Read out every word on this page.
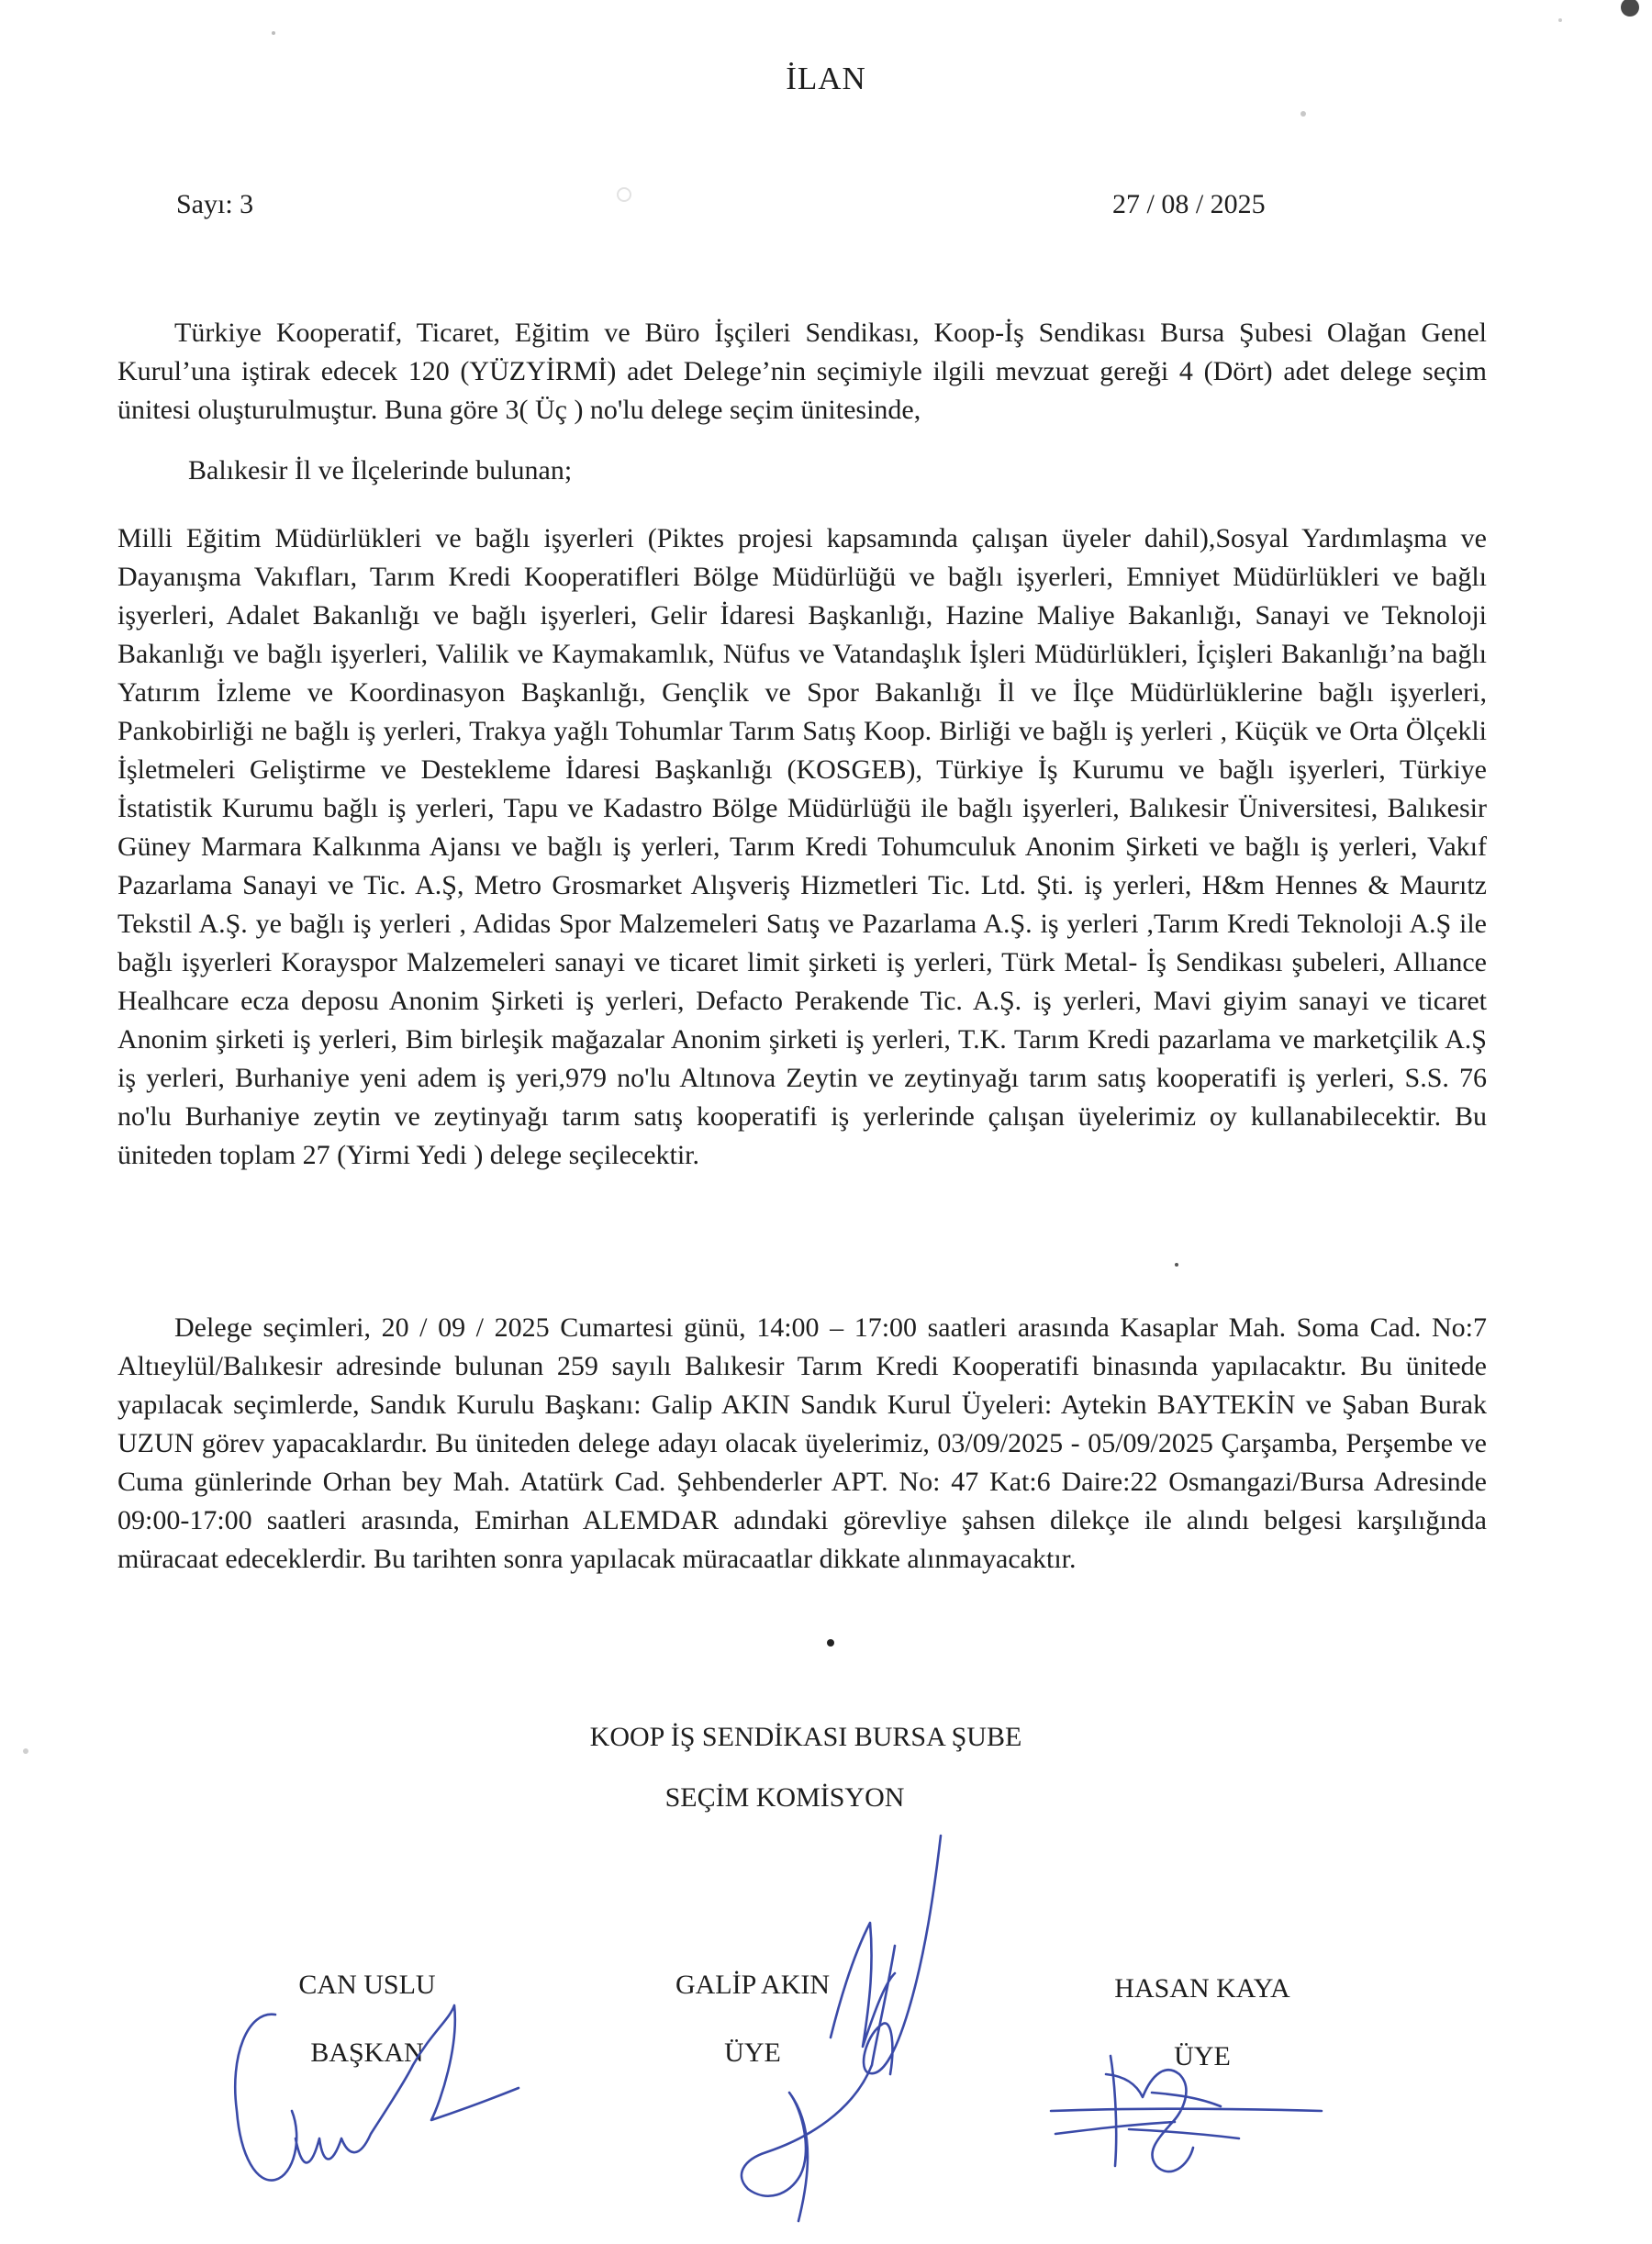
İLAN
Sayı: 3	27 / 08 / 2025
Türkiye Kooperatif, Ticaret, Eğitim ve Büro İşçileri Sendikası, Koop-İş Sendikası Bursa Şubesi Olağan Genel Kurul’una iştirak edecek 120 (YÜZYİRMİ) adet Delege’nin seçimiyle ilgili mevzuat gereği 4 (Dört) adet delege seçim ünitesi oluşturulmuştur. Buna göre 3( Üç ) no'lu delege seçim ünitesinde,
Balıkesir İl ve İlçelerinde bulunan;
Milli Eğitim Müdürlükleri ve bağlı işyerleri (Piktes projesi kapsamında çalışan üyeler dahil),Sosyal Yardımlaşma ve Dayanışma Vakıfları, Tarım Kredi Kooperatifleri Bölge Müdürlüğü ve bağlı işyerleri, Emniyet Müdürlükleri ve bağlı işyerleri, Adalet Bakanlığı ve bağlı işyerleri, Gelir İdaresi Başkanlığı, Hazine Maliye Bakanlığı, Sanayi ve Teknoloji Bakanlığı ve bağlı işyerleri, Valilik ve Kaymakamlık, Nüfus ve Vatandaşlık İşleri Müdürlükleri, İçişleri Bakanlığı’na bağlı Yatırım İzleme ve Koordinasyon Başkanlığı, Gençlik ve Spor Bakanlığı İl ve İlçe Müdürlüklerine bağlı işyerleri, Pankobirliği ne bağlı iş yerleri, Trakya yağlı Tohumlar Tarım Satış Koop. Birliği ve bağlı iş yerleri , Küçük ve Orta Ölçekli İşletmeleri Geliştirme ve Destekleme İdaresi Başkanlığı (KOSGEB), Türkiye İş Kurumu ve bağlı işyerleri, Türkiye İstatistik Kurumu bağlı iş yerleri, Tapu ve Kadastro Bölge Müdürlüğü ile bağlı işyerleri, Balıkesir Üniversitesi, Balıkesir Güney Marmara Kalkınma Ajansı ve bağlı iş yerleri, Tarım Kredi Tohumculuk Anonim Şirketi ve bağlı iş yerleri, Vakıf Pazarlama Sanayi ve Tic. A.Ş, Metro Grosmarket Alışveriş Hizmetleri Tic. Ltd. Şti. iş yerleri, H&m Hennes & Maurıtz Tekstil A.Ş. ye bağlı iş yerleri , Adidas Spor Malzemeleri Satış ve Pazarlama A.Ş. iş yerleri ,Tarım Kredi Teknoloji A.Ş ile bağlı işyerleri Korayspor Malzemeleri sanayi ve ticaret limit şirketi iş yerleri, Türk Metal- İş Sendikası şubeleri, Allıance Healhcare ecza deposu Anonim Şirketi iş yerleri, Defacto Perakende Tic. A.Ş. iş yerleri, Mavi giyim sanayi ve ticaret Anonim şirketi iş yerleri, Bim birleşik mağazalar Anonim şirketi iş yerleri, T.K. Tarım Kredi pazarlama ve marketçilik A.Ş iş yerleri, Burhaniye yeni adem iş yeri,979 no'lu Altınova Zeytin ve zeytinyağı tarım satış kooperatifi iş yerleri, S.S. 76 no'lu Burhaniye zeytin ve zeytinyağı tarım satış kooperatifi iş yerlerinde çalışan üyelerimiz oy kullanabilecektir. Bu üniteden toplam 27 (Yirmi Yedi ) delege seçilecektir.
Delege seçimleri, 20 / 09 / 2025 Cumartesi günü, 14:00 – 17:00 saatleri arasında Kasaplar Mah. Soma Cad. No:7 Altıeylül/Balıkesir adresinde bulunan 259 sayılı Balıkesir Tarım Kredi Kooperatifi binasında yapılacaktır. Bu ünitede yapılacak seçimlerde, Sandık Kurulu Başkanı: Galip AKIN Sandık Kurul Üyeleri: Aytekin BAYTEKİN ve Şaban Burak UZUN görev yapacaklardır. Bu üniteden delege adayı olacak üyelerimiz, 03/09/2025 - 05/09/2025 Çarşamba, Perşembe ve Cuma günlerinde Orhan bey Mah. Atatürk Cad. Şehbenderler APT. No: 47 Kat:6 Daire:22 Osmangazi/Bursa Adresinde 09:00-17:00 saatleri arasında, Emirhan ALEMDAR adındaki görevliye şahsen dilekçe ile alındı belgesi karşılığında müracaat edeceklerdir. Bu tarihten sonra yapılacak müracaatlar dikkate alınmayacaktır.
KOOP İŞ SENDİKASI BURSA ŞUBE
SEÇİM KOMİSYON
CAN USLU
BAŞKAN
GALİP AKIN
ÜYE
HASAN KAYA
ÜYE
